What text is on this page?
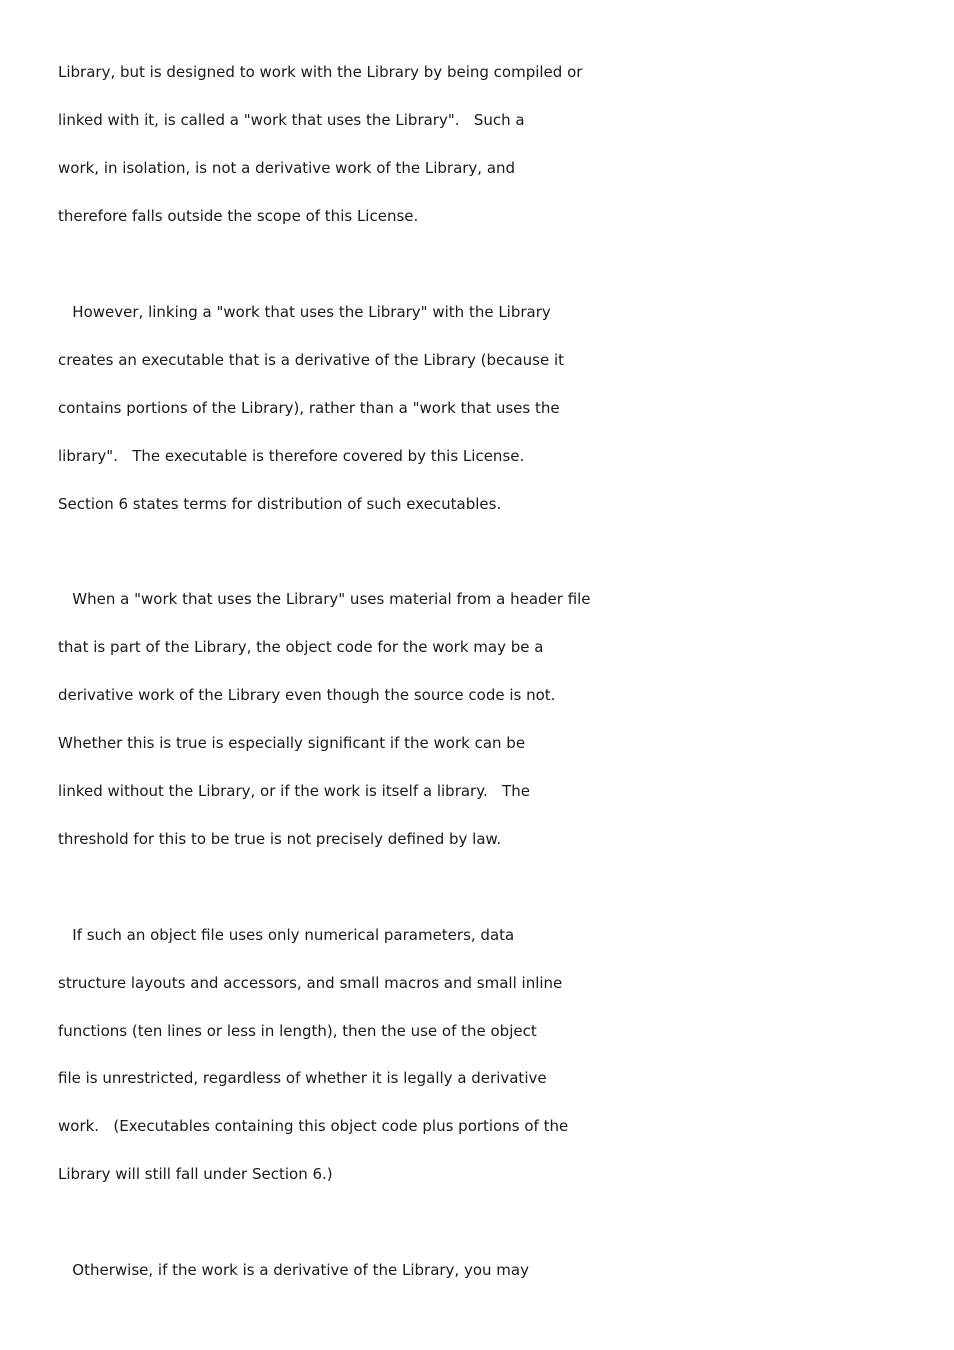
Library, but is designed to work with the Library by being compiled or
linked with it, is called a "work that uses the Library".   Such a
work, in isolation, is not a derivative work of the Library, and
therefore falls outside the scope of this License.
However, linking a "work that uses the Library" with the Library
creates an executable that is a derivative of the Library (because it
contains portions of the Library), rather than a "work that uses the
library".   The executable is therefore covered by this License.
Section 6 states terms for distribution of such executables.
When a "work that uses the Library" uses material from a header file
that is part of the Library, the object code for the work may be a
derivative work of the Library even though the source code is not.
Whether this is true is especially significant if the work can be
linked without the Library, or if the work is itself a library.   The
threshold for this to be true is not precisely defined by law.
If such an object file uses only numerical parameters, data
structure layouts and accessors, and small macros and small inline
functions (ten lines or less in length), then the use of the object
file is unrestricted, regardless of whether it is legally a derivative
work.   (Executables containing this object code plus portions of the
Library will still fall under Section 6.)
Otherwise, if the work is a derivative of the Library, you may
